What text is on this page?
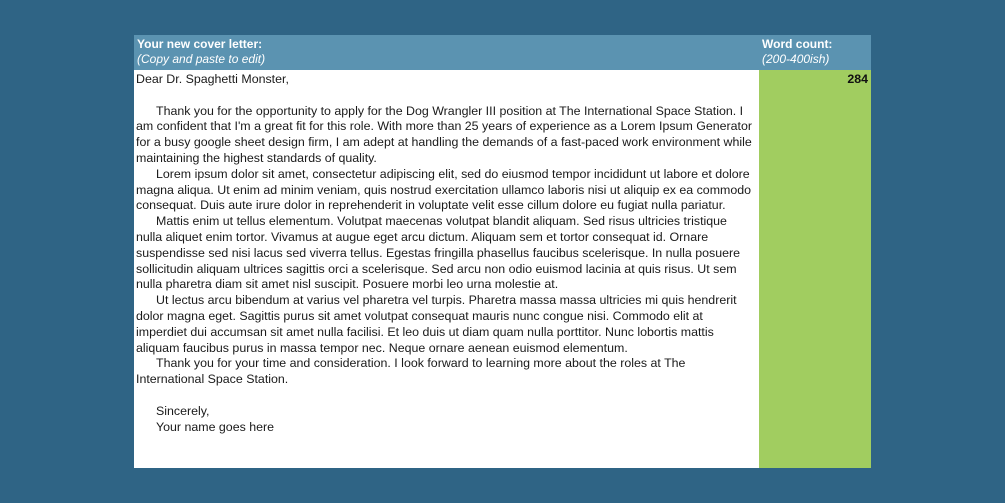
Your new cover letter:
(Copy and paste to edit)
Word count:
(200-400ish)

Dear Dr. Spaghetti Monster,

Thank you for the opportunity to apply for the Dog Wrangler III position at The International Space Station. I am confident that I'm a great fit for this role. With more than 25 years of experience as a Lorem Ipsum Generator for a busy google sheet design firm, I am adept at handling the demands of a fast-paced work environment while maintaining the highest standards of quality.

Lorem ipsum dolor sit amet, consectetur adipiscing elit, sed do eiusmod tempor incididunt ut labore et dolore magna aliqua. Ut enim ad minim veniam, quis nostrud exercitation ullamco laboris nisi ut aliquip ex ea commodo consequat. Duis aute irure dolor in reprehenderit in voluptate velit esse cillum dolore eu fugiat nulla pariatur.

Mattis enim ut tellus elementum. Volutpat maecenas volutpat blandit aliquam. Sed risus ultricies tristique nulla aliquet enim tortor. Vivamus at augue eget arcu dictum. Aliquam sem et tortor consequat id. Ornare suspendisse sed nisi lacus sed viverra tellus. Egestas fringilla phasellus faucibus scelerisque. In nulla posuere sollicitudin aliquam ultrices sagittis orci a scelerisque. Sed arcu non odio euismod lacinia at quis risus. Ut sem nulla pharetra diam sit amet nisl suscipit. Posuere morbi leo urna molestie at.

Ut lectus arcu bibendum at varius vel pharetra vel turpis. Pharetra massa massa ultricies mi quis hendrerit dolor magna eget. Sagittis purus sit amet volutpat consequat mauris nunc congue nisi. Commodo elit at imperdiet dui accumsan sit amet nulla facilisi. Et leo duis ut diam quam nulla porttitor. Nunc lobortis mattis aliquam faucibus purus in massa tempor nec. Neque ornare aenean euismod elementum.

Thank you for your time and consideration. I look forward to learning more about the roles at The International Space Station.

Sincerely,

Your name goes here

284
